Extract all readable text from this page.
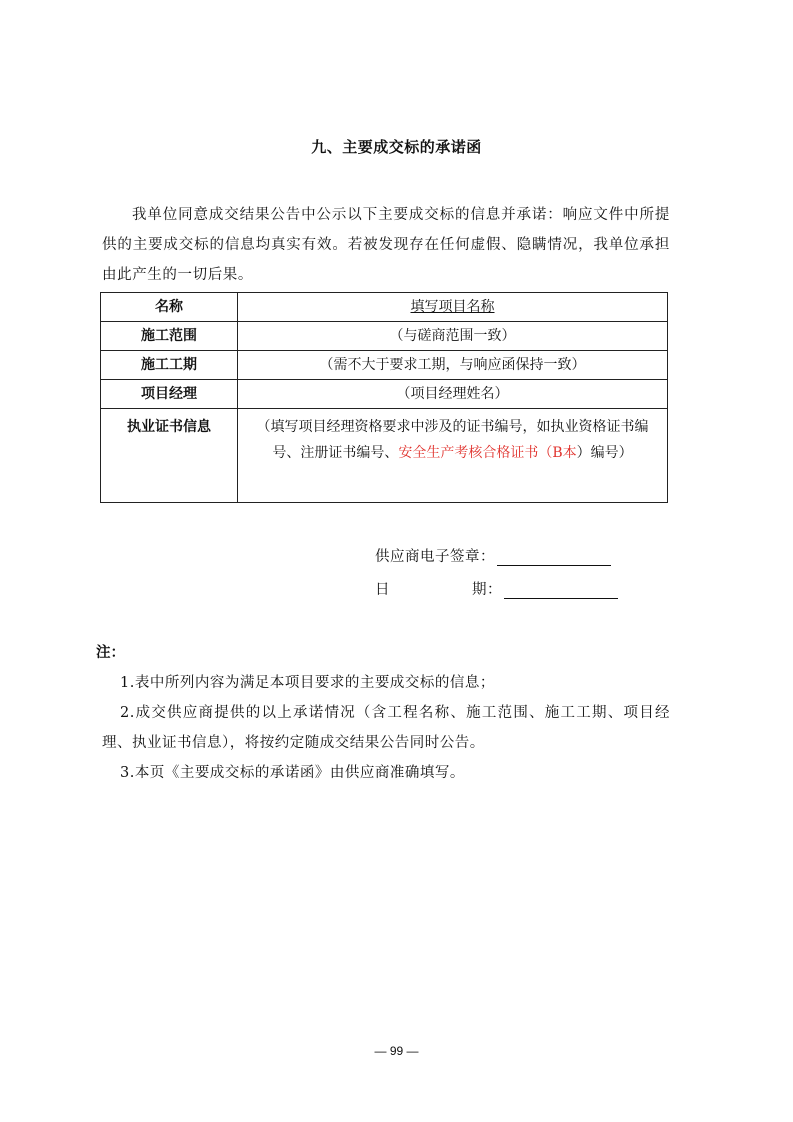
九、主要成交标的承诺函
我单位同意成交结果公告中公示以下主要成交标的信息并承诺：响应文件中所提供的主要成交标的信息均真实有效。若被发现存在任何虚假、隐瞒情况，我单位承担由此产生的一切后果。
名称	填写项目名称
施工范围	（与磋商范围一致）
施工工期	（需不大于要求工期，与响应函保持一致）
项目经理	（项目经理姓名）
执业证书信息	（填写项目经理资格要求中涉及的证书编号，如执业资格证书编号、注册证书编号、安全生产考核合格证书（B本）编号）
供应商电子签章：
日	期：
注：

1.表中所列内容为满足本项目要求的主要成交标的信息；

2.成交供应商提供的以上承诺情况（含工程名称、施工范围、施工工期、项目经理、执业证书信息），将按约定随成交结果公告同时公告。

3.本页《主要成交标的承诺函》由供应商准确填写。

— 99 —
